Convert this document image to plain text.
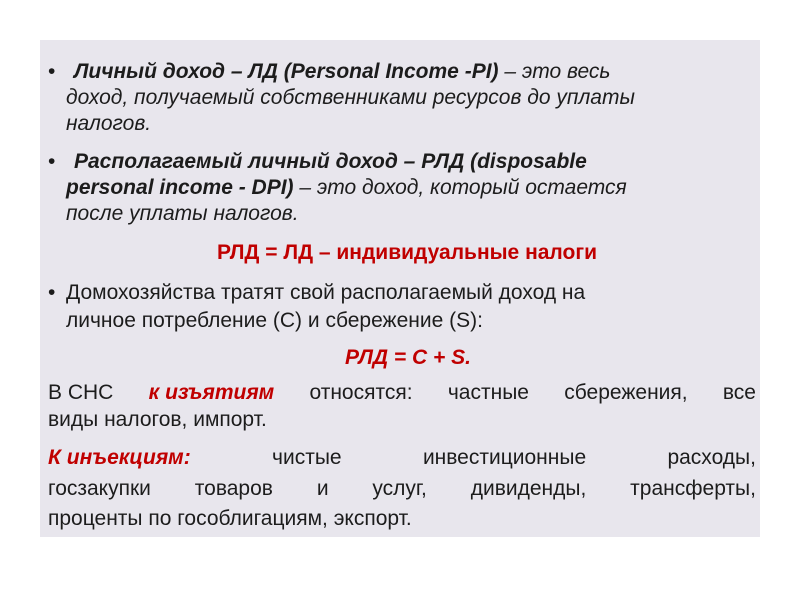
• Личный доход – ЛД (Personal Income -PI) – это весь
доход, получаемый собственниками ресурсов до уплаты
налогов.
• Располагаемый личный доход – РЛД (disposable
personal income - DPI) – это доход, который остается
после уплаты налогов.
РЛД = ЛД – индивидуальные налоги
• Домохозяйства тратят свой располагаемый доход на
личное потребление (C) и сбережение (S):
РЛД = C + S.
В СНС к изъятиям относятся: частные сбережения, все
виды налогов, импорт.
К инъекциям:	чистые	инвестиционные	расходы,
госзакупки товаров и услуг, дивиденды, трансферты,
проценты по гособлигациям, экспорт.
